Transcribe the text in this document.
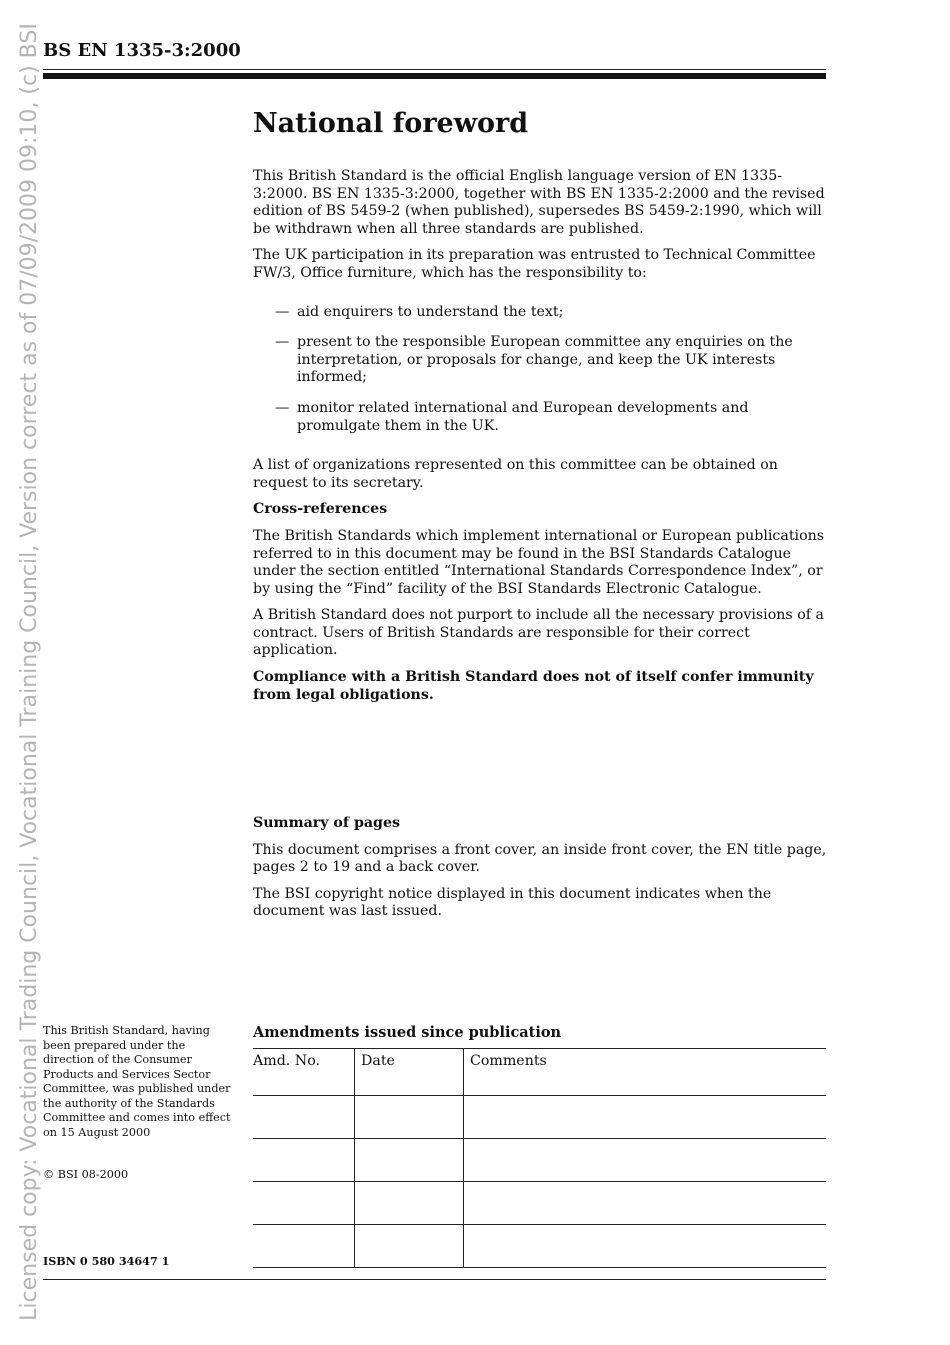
Licensed copy: Vocational Trading Council, Vocational Training Council, Version correct as of 07/09/2009 09:10, (c) BSI BS EN 1335-3:2000
National foreword

This British Standard is the official English language version of EN 1335-3:2000. BS EN 1335-3:2000, together with BS EN 1335-2:2000 and the revised edition of BS 5459-2 (when published), supersedes BS 5459-2:1990, which will be withdrawn when all three standards are published.

The UK participation in its preparation was entrusted to Technical Committee FW/3, Office furniture, which has the responsibility to:

— aid enquirers to understand the text;
— present to the responsible European committee any enquiries on the interpretation, or proposals for change, and keep the UK interests informed;
— monitor related international and European developments and promulgate them in the UK.

A list of organizations represented on this committee can be obtained on request to its secretary.

Cross-references

The British Standards which implement international or European publications referred to in this document may be found in the BSI Standards Catalogue under the section entitled “International Standards Correspondence Index”, or by using the “Find” facility of the BSI Standards Electronic Catalogue.

A British Standard does not purport to include all the necessary provisions of a contract. Users of British Standards are responsible for their correct application.

Compliance with a British Standard does not of itself confer immunity from legal obligations.

Summary of pages

This document comprises a front cover, an inside front cover, the EN title page, pages 2 to 19 and a back cover.

The BSI copyright notice displayed in this document indicates when the document was last issued.

This British Standard, having been prepared under the direction of the Consumer Products and Services Sector Committee, was published under the authority of the Standards Committee and comes into effect on 15 August 2000
© BSI 08-2000
ISBN 0 580 34647 1
Amendments issued since publication
Amd. No.	Date	Comments
